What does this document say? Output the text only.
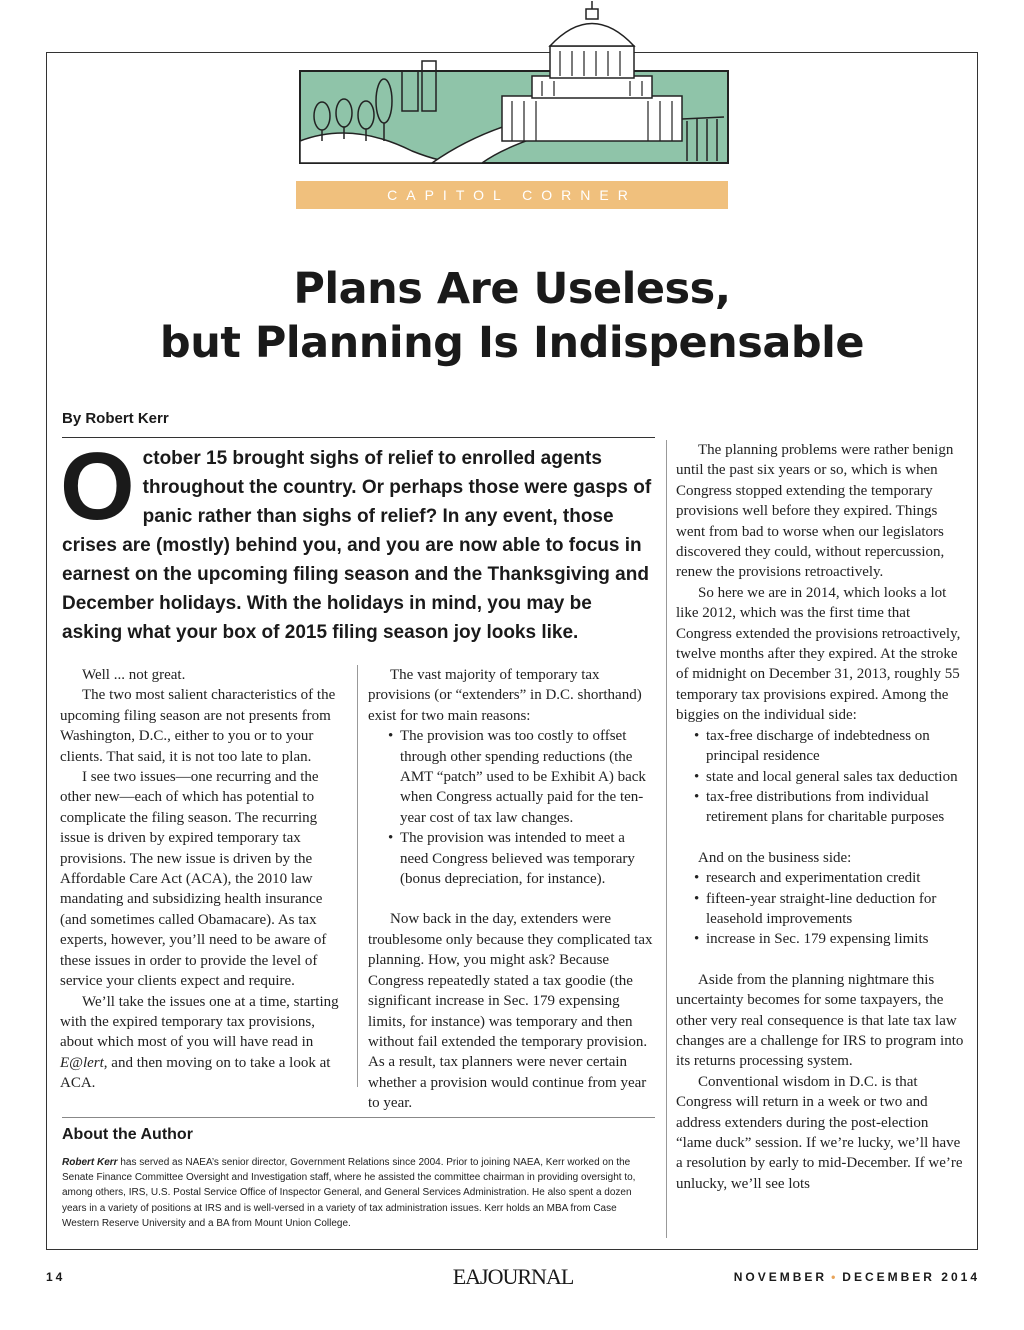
CAPITOL CORNER
Plans Are Useless,
but Planning Is Indispensable
By Robert Kerr
O ctober 15 brought sighs of relief to enrolled agents throughout the country. Or perhaps those were gasps of panic rather than sighs of relief? In any event, those crises are (mostly) behind you, and you are now able to focus in earnest on the upcoming filing season and the Thanksgiving and December holidays. With the holidays in mind, you may be asking what your box of 2015 filing season joy looks like.

Well ... not great.

The two most salient characteristics of the upcoming filing season are not presents from Washington, D.C., either to you or to your clients. That said, it is not too late to plan.

I see two issues—one recurring and the other new—each of which has potential to complicate the filing season. The recurring issue is driven by expired temporary tax provisions. The new issue is driven by the Affordable Care Act (ACA), the 2010 law mandating and subsidizing health insurance (and sometimes called Obamacare). As tax experts, however, you’ll need to be aware of these issues in order to provide the level of service your clients expect and require.

We’ll take the issues one at a time, starting with the expired temporary tax provisions, about which most of you will have read in E@lert, and then moving on to take a look at ACA.

The vast majority of temporary tax provisions (or “extenders” in D.C. shorthand) exist for two main reasons:

• The provision was too costly to offset through other spending reductions (the AMT “patch” used to be Exhibit A) back when Congress actually paid for the ten-year cost of tax law changes.
• The provision was intended to meet a need Congress believed was temporary (bonus depreciation, for instance).

Now back in the day, extenders were troublesome only because they complicated tax planning. How, you might ask? Because Congress repeatedly stated a tax goodie (the significant increase in Sec. 179 expensing limits, for instance) was temporary and then without fail extended the temporary provision. As a result, tax planners were never certain whether a provision would continue from year to year.

The planning problems were rather benign until the past six years or so, which is when Congress stopped extending the temporary provisions well before they expired. Things went from bad to worse when our legislators discovered they could, without repercussion, renew the provisions retroactively.

So here we are in 2014, which looks a lot like 2012, which was the first time that Congress extended the provisions retroactively, twelve months after they expired. At the stroke of midnight on December 31, 2013, roughly 55 temporary tax provisions expired. Among the biggies on the individual side:

• tax-free discharge of indebtedness on principal residence
• state and local general sales tax deduction
• tax-free distributions from individual retirement plans for charitable purposes

And on the business side:

• research and experimentation credit
• fifteen-year straight-line deduction for leasehold improvements
• increase in Sec. 179 expensing limits

Aside from the planning nightmare this uncertainty becomes for some taxpayers, the other very real consequence is that late tax law changes are a challenge for IRS to program into its returns processing system.

Conventional wisdom in D.C. is that Congress will return in a week or two and address extenders during the post-election “lame duck” session. If we’re lucky, we’ll have a resolution by early to mid-December. If we’re unlucky, we’ll see lots

About the Author
Robert Kerr has served as NAEA’s senior director, Government Relations since 2004. Prior to joining NAEA, Kerr worked on the Senate Finance Committee Oversight and Investigation staff, where he assisted the committee chairman in providing oversight to, among others, IRS, U.S. Postal Service Office of Inspector General, and General Services Administration. He also spent a dozen years in a variety of positions at IRS and is well-versed in a variety of tax administration issues. Kerr holds an MBA from Case Western Reserve University and a BA from Mount Union College.
14	EAJOURNAL	NOVEMBER • DECEMBER 2014
